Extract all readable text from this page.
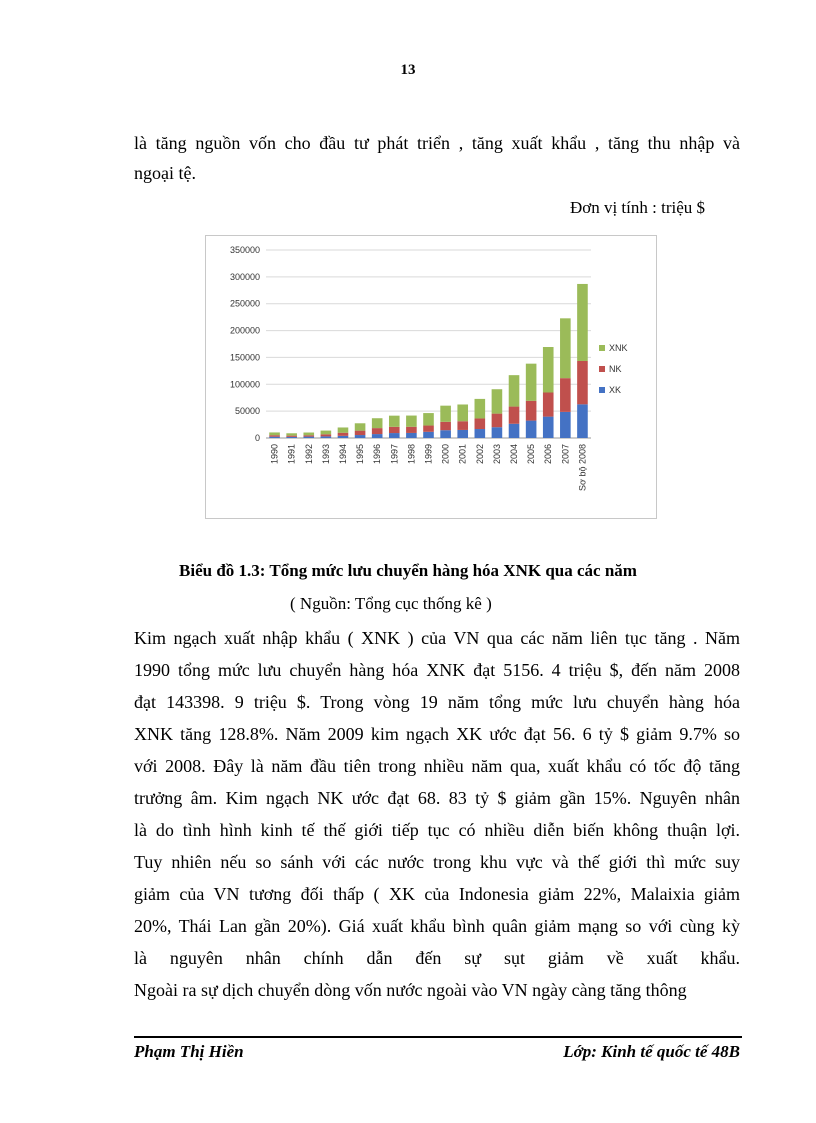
13
là tăng nguồn vốn cho đầu tư phát triển , tăng xuất khẩu , tăng thu nhập và
ngoại tệ.
Đơn vị tính : triệu $
350000
300000
250000
200000
150000
100000
50000
0
1990 1991 1992 1993 1994 1995 1996 1997 1998 1999 2000 2001 2002 2003 2004 2005 2006 2007 Sơ bộ 2008
XNK
NK
XK
Biểu đồ 1.3: Tổng mức lưu chuyển hàng hóa XNK qua các năm
( Nguồn: Tổng cục thống kê )
Kim ngạch xuất nhập khẩu ( XNK ) của VN qua các năm liên tục tăng . Năm
1990 tổng mức lưu chuyển hàng hóa XNK đạt 5156. 4 triệu $, đến năm 2008
đạt 143398. 9 triệu $. Trong vòng 19 năm tổng mức lưu chuyển hàng hóa
XNK tăng 128.8%. Năm 2009 kim ngạch XK ước đạt 56. 6 tỷ $ giảm 9.7% so
với 2008. Đây là năm đầu tiên trong nhiều năm qua, xuất khẩu có tốc độ tăng
trưởng âm. Kim ngạch NK ước đạt 68. 83 tỷ $ giảm gần 15%. Nguyên nhân
là do tình hình kinh tế thế giới tiếp tục có nhiều diễn biến không thuận lợi.
Tuy nhiên nếu so sánh với các nước trong khu vực và thế giới thì mức suy
giảm của VN tương đối thấp ( XK của Indonesia giảm 22%, Malaixia giảm
20%, Thái Lan gần 20%). Giá xuất khẩu bình quân giảm mạng so với cùng kỳ
là nguyên nhân chính dẫn đến sự sụt giảm về xuất khẩu.
Ngoài ra sự dịch chuyển dòng vốn nước ngoài vào VN ngày càng tăng thông
Phạm Thị Hiền	Lớp: Kinh tế quốc tế 48B
